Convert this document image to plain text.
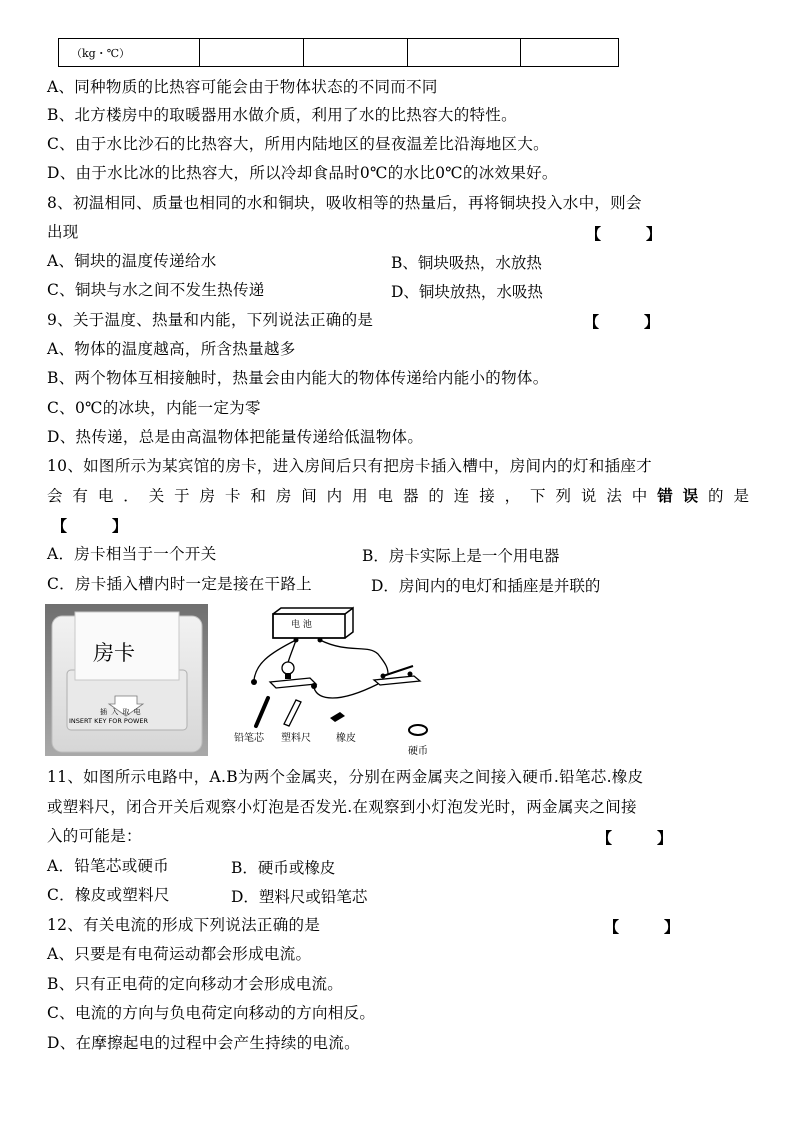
（kg・℃）				
A、同种物质的比热容可能会由于物体状态的不同而不同
B、北方楼房中的取暖器用水做介质，利用了水的比热容大的特性。
C、由于水比沙石的比热容大，所用内陆地区的昼夜温差比沿海地区大。
D、由于水比冰的比热容大，所以冷却食品时0℃的水比0℃的冰效果好。
8、初温相同、质量也相同的水和铜块，吸收相等的热量后，再将铜块投入水中，则会
出现	【　　　】
A、铜块的温度传递给水	B、铜块吸热，水放热
C、铜块与水之间不发生热传递	D、铜块放热，水吸热
9、关于温度、热量和内能，下列说法正确的是	【　　　】
A、物体的温度越高，所含热量越多
B、两个物体互相接触时，热量会由内能大的物体传递给内能小的物体。
C、0℃的冰块，内能一定为零
D、热传递，总是由高温物体把能量传递给低温物体。
10、如图所示为某宾馆的房卡，进入房间后只有把房卡插入槽中，房间内的灯和插座才
会有电．关于房卡和房间内用电器的连接，下列说法中错误的是
【　　　】
A．房卡相当于一个开关	B．房卡实际上是一个用电器
C．房卡插入槽内时一定是接在干路上	D．房间内的电灯和插座是并联的
房卡
插 入 取 电
INSERT KEY FOR POWER
电 池
铅笔芯 塑料尺	橡皮
硬币
11、如图所示电路中，A.B为两个金属夹，分别在两金属夹之间接入硬币.铅笔芯.橡皮
或塑料尺，闭合开关后观察小灯泡是否发光.在观察到小灯泡发光时，两金属夹之间接
入的可能是：	【　　　】
A．铅笔芯或硬币	B．硬币或橡皮
C．橡皮或塑料尺	D．塑料尺或铅笔芯
12、有关电流的形成下列说法正确的是	【　　　】
A、只要是有电荷运动都会形成电流。
B、只有正电荷的定向移动才会形成电流。
C、电流的方向与负电荷定向移动的方向相反。
D、在摩擦起电的过程中会产生持续的电流。
